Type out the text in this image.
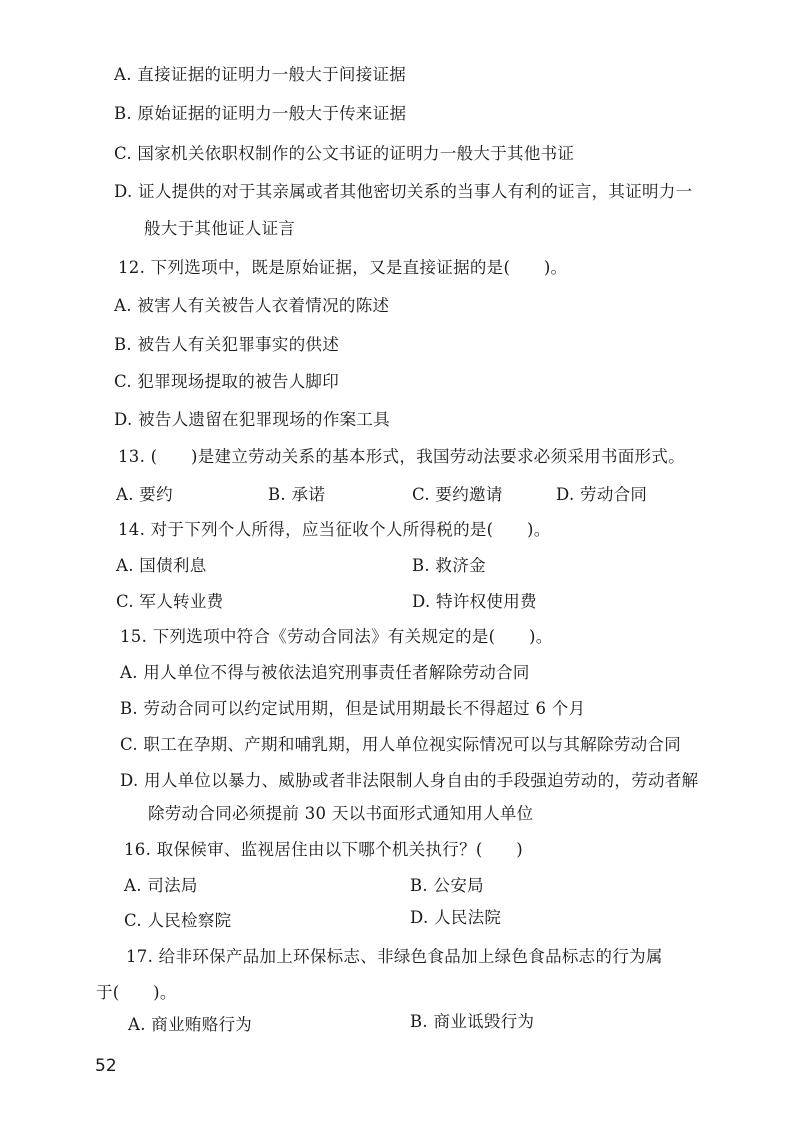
A. 直接证据的证明力一般大于间接证据
B. 原始证据的证明力一般大于传来证据
C. 国家机关依职权制作的公文书证的证明力一般大于其他书证
D. 证人提供的对于其亲属或者其他密切关系的当事人有利的证言，其证明力一
般大于其他证人证言
12. 下列选项中，既是原始证据，又是直接证据的是(　　)。
A. 被害人有关被告人衣着情况的陈述
B. 被告人有关犯罪事实的供述
C. 犯罪现场提取的被告人脚印
D. 被告人遗留在犯罪现场的作案工具
13. (　　)是建立劳动关系的基本形式，我国劳动法要求必须采用书面形式。
A. 要约	B. 承诺	C. 要约邀请	D. 劳动合同
14. 对于下列个人所得，应当征收个人所得税的是(　　)。
A. 国债利息	B. 救济金
C. 军人转业费	D. 特许权使用费
15. 下列选项中符合《劳动合同法》有关规定的是(　　)。
A. 用人单位不得与被依法追究刑事责任者解除劳动合同
B. 劳动合同可以约定试用期，但是试用期最长不得超过 6 个月
C. 职工在孕期、产期和哺乳期，用人单位视实际情况可以与其解除劳动合同
D. 用人单位以暴力、威胁或者非法限制人身自由的手段强迫劳动的，劳动者解
除劳动合同必须提前 30 天以书面形式通知用人单位
16. 取保候审、监视居住由以下哪个机关执行？(　　)
A. 司法局	B. 公安局
C. 人民检察院	D. 人民法院
17. 给非环保产品加上环保标志、非绿色食品加上绿色食品标志的行为属
于(　　)。
A. 商业贿赂行为	B. 商业诋毁行为
52
